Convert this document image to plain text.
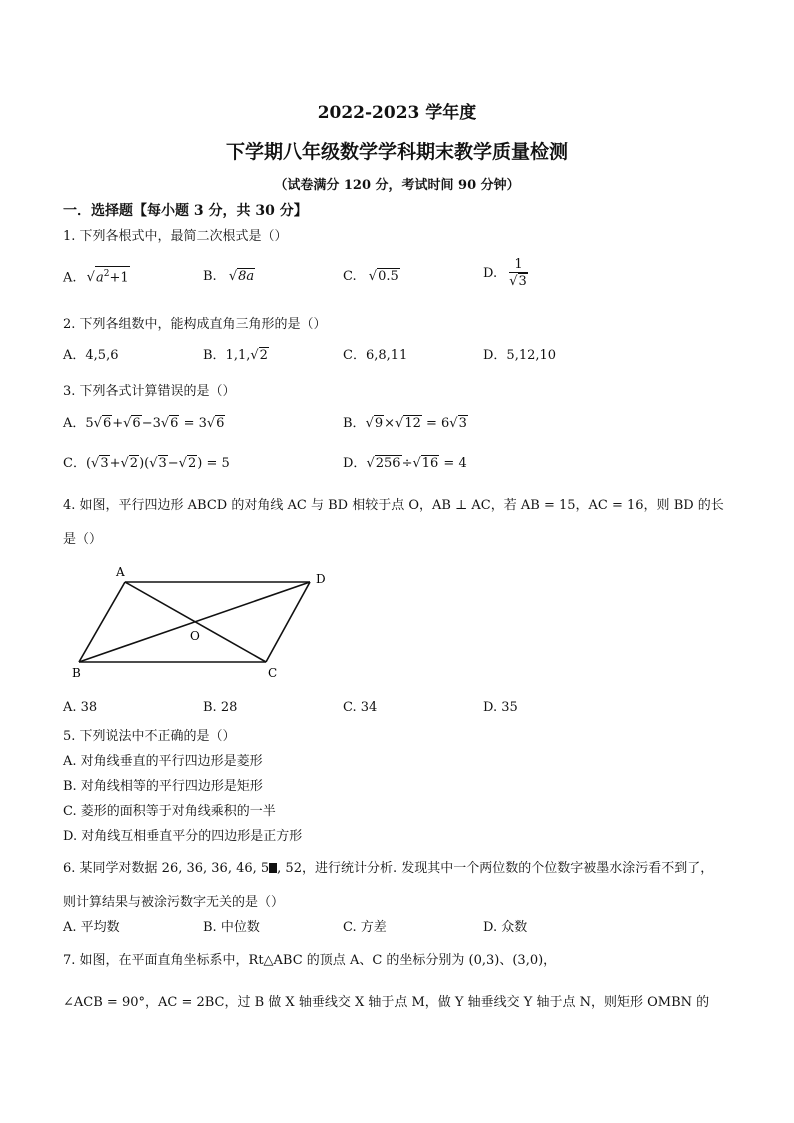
2022-2023 学年度
下学期八年级数学学科期末教学质量检测
（试卷满分 120 分，考试时间 90 分钟）
一．选择题【每小题 3 分，共 30 分】
1. 下列各根式中，最简二次根式是（）
A. $√a^2+1$	B. √8a	C. √0.5	D. $\frac{1}{√3}$
2. 下列各组数中，能构成直角三角形的是（）
A．4,5,6	B．1,1,√2	C．6,8,11	D．5,12,10
3. 下列各式计算错误的是（）
A．5√6+√6−3√6 = 3√6	B．√9×√12 = 6√3
C．(√3+√2)(√3−√2) = 5	D．√256÷√16 = 4
4. 如图，平行四边形 ABCD 的对角线 AC 与 BD 相较于点 O，AB ⊥ AC，若 AB = 15，AC = 16，则 BD 的长
是（）
A	D
O
B	C
A. 38	B. 28	C. 34	D. 35
5. 下列说法中不正确的是（）
A. 对角线垂直的平行四边形是菱形
B. 对角线相等的平行四边形是矩形
C. 菱形的面积等于对角线乘积的一半
D. 对角线互相垂直平分的四边形是正方形
6. 某同学对数据 26, 36, 36, 46, 5 , 52，进行统计分析. 发现其中一个两位数的个位数字被墨水涂污看不到了，
则计算结果与被涂污数字无关的是（）
A. 平均数	B. 中位数	C. 方差	D. 众数
7. 如图，在平面直角坐标系中，Rt△ABC 的顶点 A、C 的坐标分别为 (0,3)、(3,0)，
∠ACB = 90°，AC = 2BC，过 B 做 X 轴垂线交 X 轴于点 M，做 Y 轴垂线交 Y 轴于点 N，则矩形 OMBN 的
